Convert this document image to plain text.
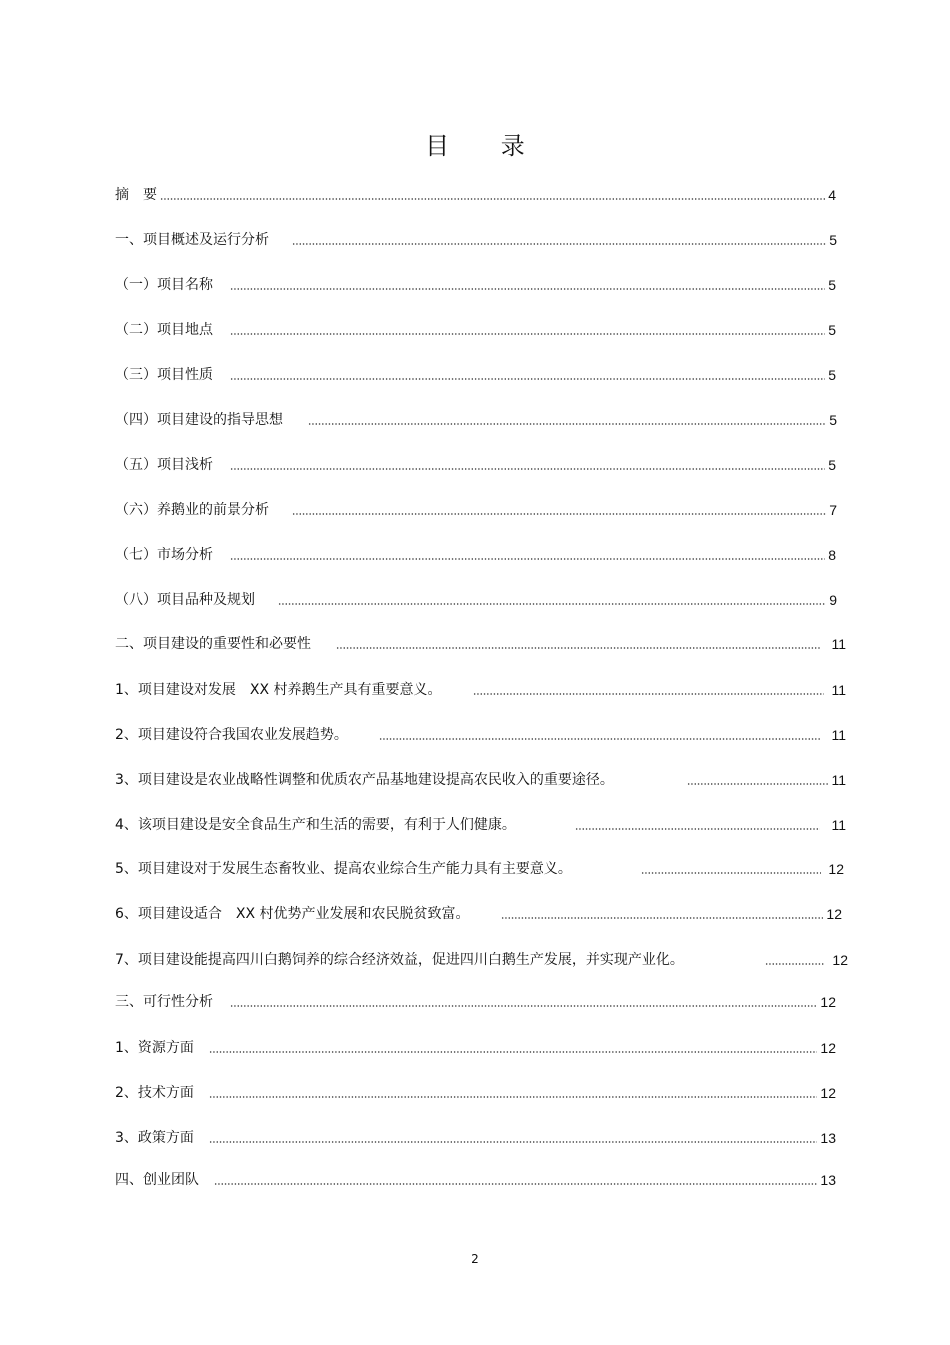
目 录
摘　要	4
一、项目概述及运行分析	5
（一）项目名称	5
（二）项目地点	5
（三）项目性质	5
（四）项目建设的指导思想	5
（五）项目浅析	5
（六）养鹅业的前景分析	7
（七）市场分析	8
（八）项目品种及规划	9
二、项目建设的重要性和必要性	11
1、项目建设对发展　XX 村养鹅生产具有重要意义。	11
2、项目建设符合我国农业发展趋势。	11
3、项目建设是农业战略性调整和优质农产品基地建设提高农民收入的重要途径。	11
4、该项目建设是安全食品生产和生活的需要，有利于人们健康。	11
5、项目建设对于发展生态畜牧业、提高农业综合生产能力具有主要意义。	12
6、项目建设适合　XX 村优势产业发展和农民脱贫致富。	12
7、项目建设能提高四川白鹅饲养的综合经济效益，促进四川白鹅生产发展，并实现产业化。	12
三、可行性分析	12
1、资源方面	12
2、技术方面	12
3、政策方面	13
四、创业团队	13
2
